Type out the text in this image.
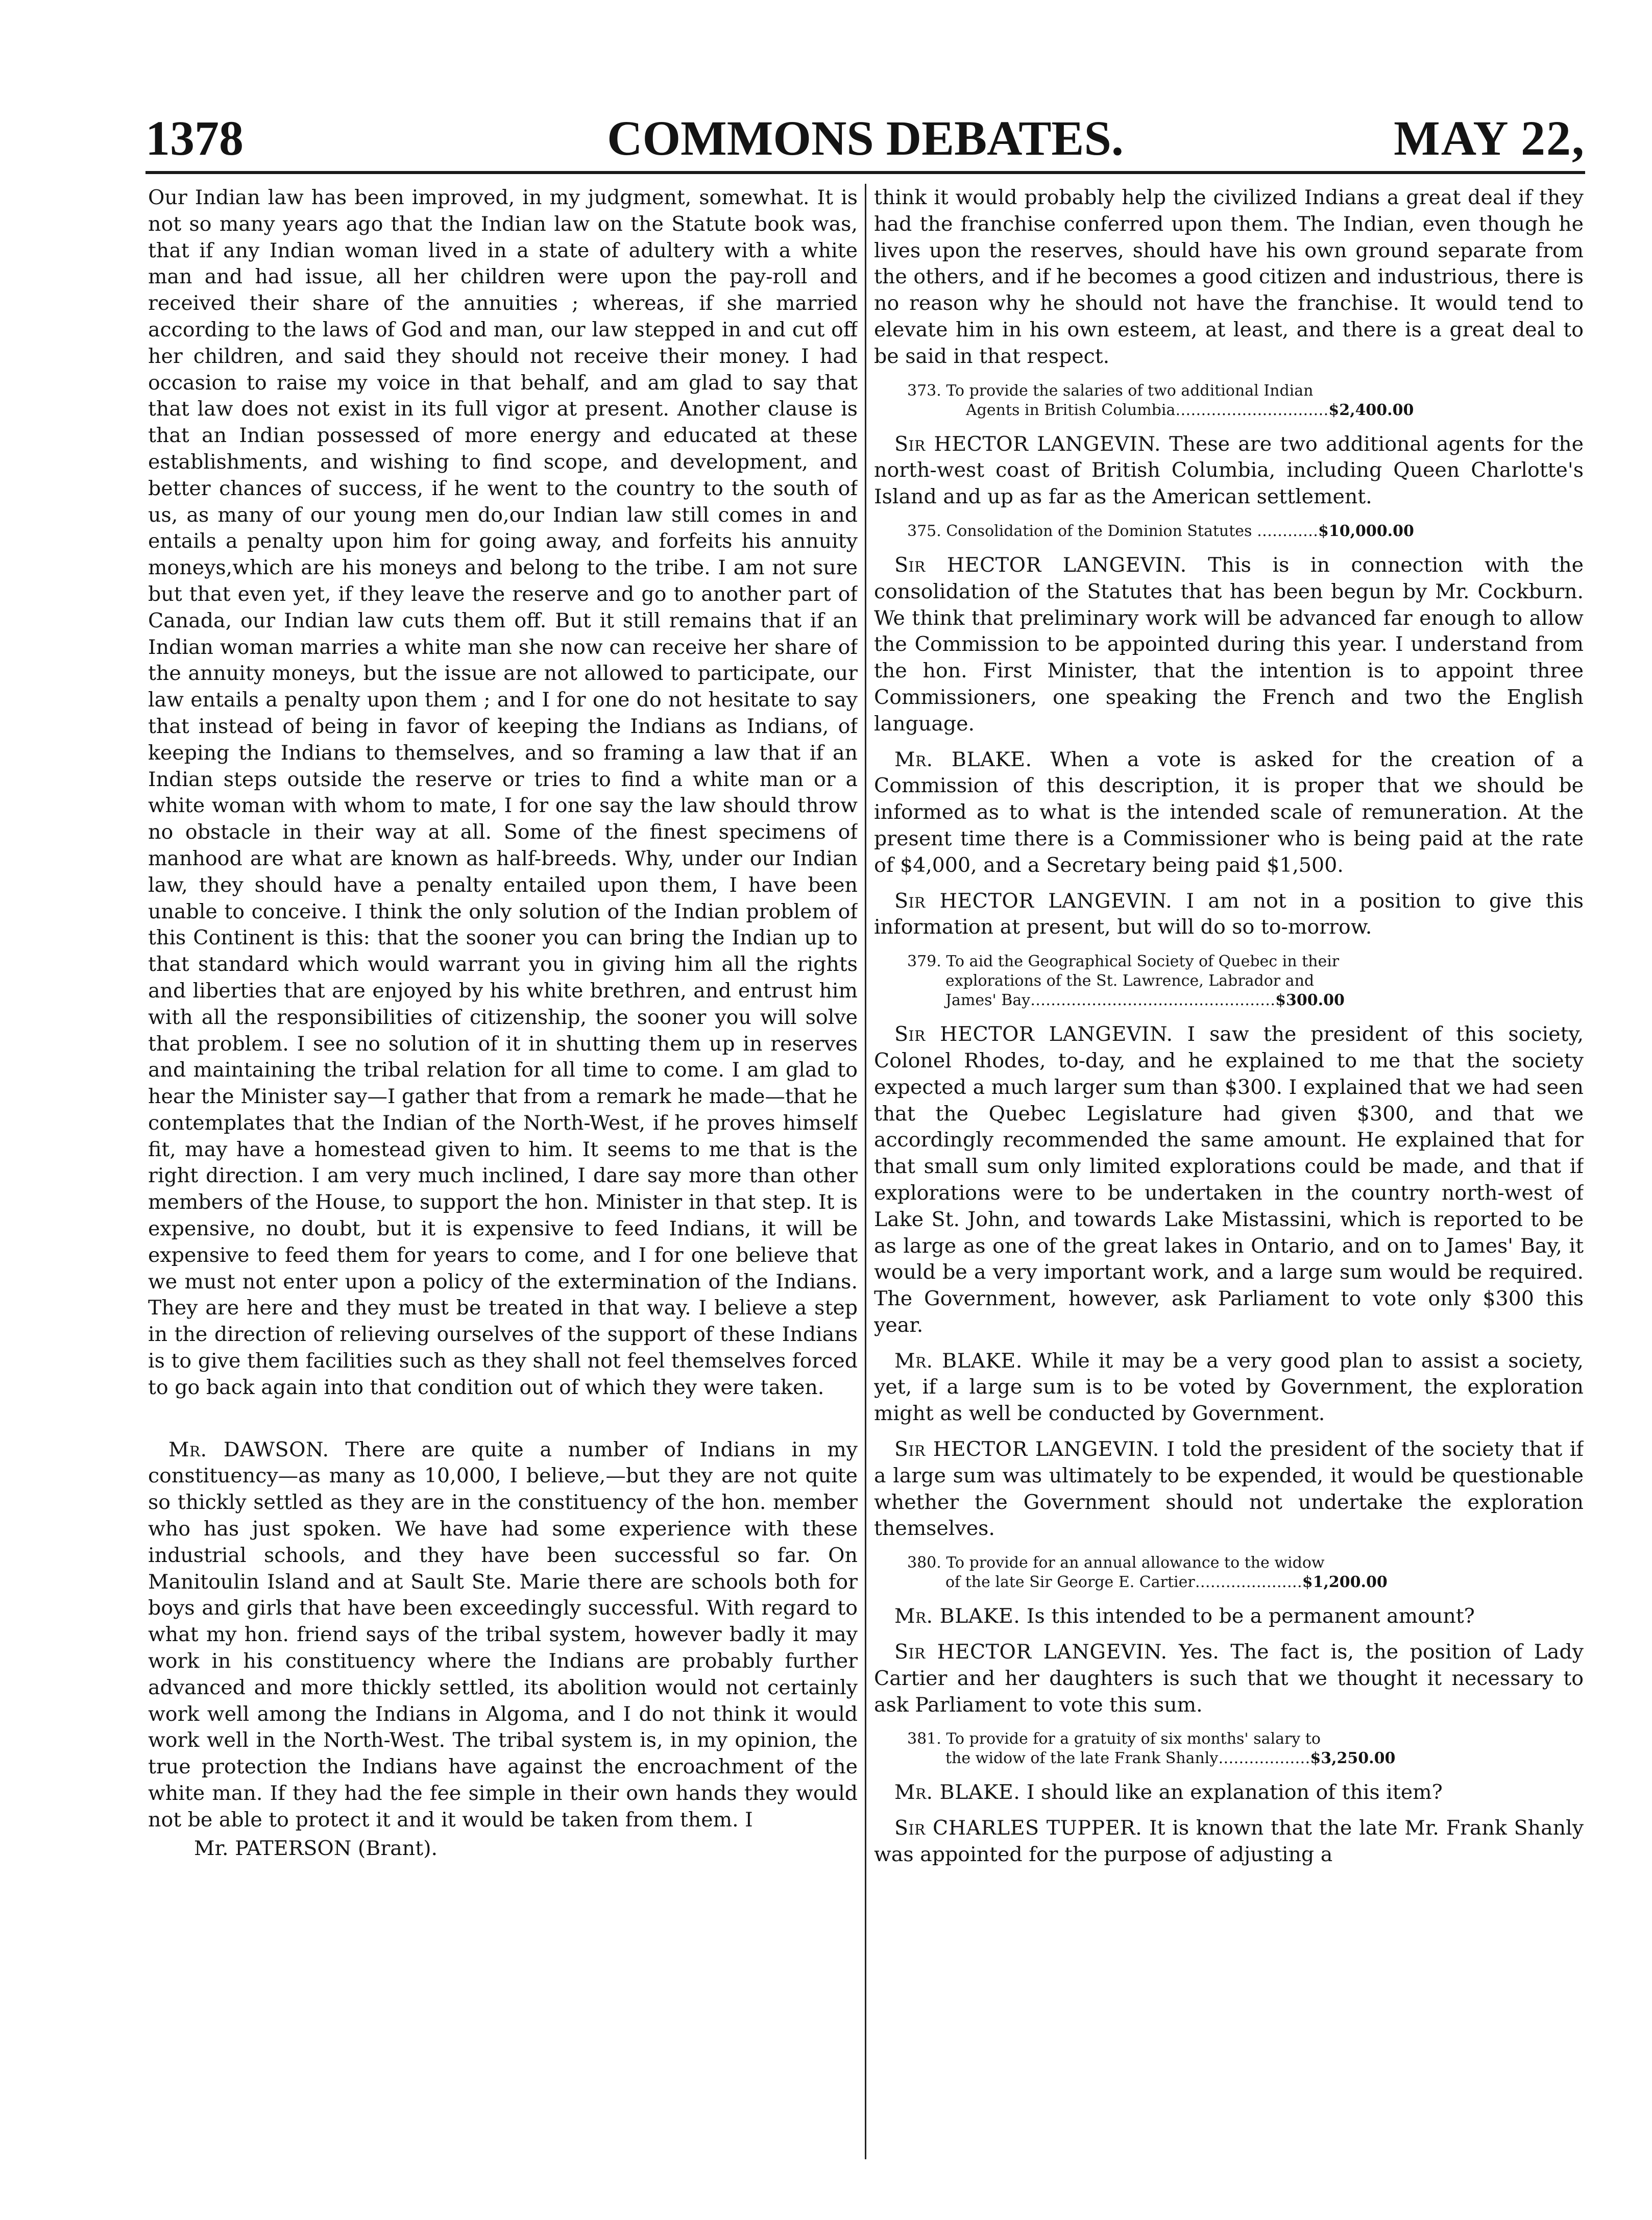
1378	COMMONS DEBATES.	MAY 22,

Our Indian law has been improved, in my judgment, somewhat. It is not so many years ago that the Indian law on the Statute book was, that if any Indian woman lived in a state of adultery with a white man and had issue, all her children were upon the pay-roll and received their share of the annuities ; whereas, if she married according to the laws of God and man, our law stepped in and cut off her children, and said they should not receive their money. I had occasion to raise my voice in that behalf, and am glad to say that that law does not exist in its full vigor at present. Another clause is that an Indian possessed of more energy and educated at these establishments, and wishing to find scope, and development, and better chances of success, if he went to the country to the south of us, as many of our young men do,our Indian law still comes in and entails a penalty upon him for going away, and forfeits his annuity moneys,which are his moneys and belong to the tribe. I am not sure but that even yet, if they leave the reserve and go to another part of Canada, our Indian law cuts them off. But it still remains that if an Indian woman marries a white man she now can receive her share of the annuity moneys, but the issue are not allowed to participate, our law entails a penalty upon them ; and I for one do not hesitate to say that instead of being in favor of keeping the Indians as Indians, of keeping the Indians to themselves, and so framing a law that if an Indian steps outside the reserve or tries to find a white man or a white woman with whom to mate, I for one say the law should throw no obstacle in their way at all. Some of the finest specimens of manhood are what are known as half-breeds. Why, under our Indian law, they should have a penalty entailed upon them, I have been unable to conceive. I think the only solution of the Indian problem of this Continent is this: that the sooner you can bring the Indian up to that standard which would warrant you in giving him all the rights and liberties that are enjoyed by his white brethren, and entrust him with all the responsibilities of citizenship, the sooner you will solve that problem. I see no solution of it in shutting them up in reserves and maintaining the tribal relation for all time to come. I am glad to hear the Minister say—I gather that from a remark he made—that he contemplates that the Indian of the North-West, if he proves himself fit, may have a homestead given to him. It seems to me that is the right direction. I am very much inclined, I dare say more than other members of the House, to support the hon. Minister in that step. It is expensive, no doubt, but it is expensive to feed Indians, it will be expensive to feed them for years to come, and I for one believe that we must not enter upon a policy of the extermination of the Indians. They are here and they must be treated in that way. I believe a step in the direction of relieving ourselves of the support of these Indians is to give them facilities such as they shall not feel themselves forced to go back again into that condition out of which they were taken.

Mr. DAWSON. There are quite a number of Indians in my constituency—as many as 10,000, I believe,—but they are not quite so thickly settled as they are in the constituency of the hon. member who has just spoken. We have had some experience with these industrial schools, and they have been successful so far. On Manitoulin Island and at Sault Ste. Marie there are schools both for boys and girls that have been exceedingly successful. With regard to what my hon. friend says of the tribal system, however badly it may work in his constituency where the Indians are probably further advanced and more thickly settled, its abolition would not certainly work well among the Indians in Algoma, and I do not think it would work well in the North-West. The tribal system is, in my opinion, the true protection the Indians have against the encroachment of the white man. If they had the fee simple in their own hands they would not be able to protect it and it would be taken from them. I

Mr. PATERSON (Brant).

think it would probably help the civilized Indians a great deal if they had the franchise conferred upon them. The Indian, even though he lives upon the reserves, should have his own ground separate from the others, and if he becomes a good citizen and industrious, there is no reason why he should not have the franchise. It would tend to elevate him in his own esteem, at least, and there is a great deal to be said in that respect.

373. To provide the salaries of two additional Indian
Agents in British Columbia…………………………$2,400.00

Sir HECTOR LANGEVIN. These are two additional agents for the north-west coast of British Columbia, including Queen Charlotte's Island and up as far as the American settlement.

375. Consolidation of the Dominion Statutes …………$10,000.00

Sir HECTOR LANGEVIN. This is in connection with the consolidation of the Statutes that has been begun by Mr. Cockburn. We think that preliminary work will be advanced far enough to allow the Commission to be appointed during this year. I understand from the hon. First Minister, that the intention is to appoint three Commissioners, one speaking the French and two the English language.

Mr. BLAKE. When a vote is asked for the creation of a Commission of this description, it is proper that we should be informed as to what is the intended scale of remuneration. At the present time there is a Commissioner who is being paid at the rate of $4,000, and a Secretary being paid $1,500.

Sir HECTOR LANGEVIN. I am not in a position to give this information at present, but will do so to-morrow.

379. To aid the Geographical Society of Quebec in their
explorations of the St. Lawrence, Labrador and
James' Bay…………………………………………$300.00

Sir HECTOR LANGEVIN. I saw the president of this society, Colonel Rhodes, to-day, and he explained to me that the society expected a much larger sum than $300. I explained that we had seen that the Quebec Legislature had given $300, and that we accordingly recommended the same amount. He explained that for that small sum only limited explorations could be made, and that if explorations were to be undertaken in the country north-west of Lake St. John, and towards Lake Mistassini, which is reported to be as large as one of the great lakes in Ontario, and on to James' Bay, it would be a very important work, and a large sum would be required. The Government, however, ask Parliament to vote only $300 this year.

Mr. BLAKE. While it may be a very good plan to assist a society, yet, if a large sum is to be voted by Government, the exploration might as well be conducted by Government.

Sir HECTOR LANGEVIN. I told the president of the society that if a large sum was ultimately to be expended, it would be questionable whether the Government should not undertake the exploration themselves.

380. To provide for an annual allowance to the widow
of the late Sir George E. Cartier…………………$1,200.00

Mr. BLAKE. Is this intended to be a permanent amount?

Sir HECTOR LANGEVIN. Yes. The fact is, the position of Lady Cartier and her daughters is such that we thought it necessary to ask Parliament to vote this sum.

381. To provide for a gratuity of six months' salary to
the widow of the late Frank Shanly………………$3,250.00

Mr. BLAKE. I should like an explanation of this item?

Sir CHARLES TUPPER. It is known that the late Mr. Frank Shanly was appointed for the purpose of adjusting a
